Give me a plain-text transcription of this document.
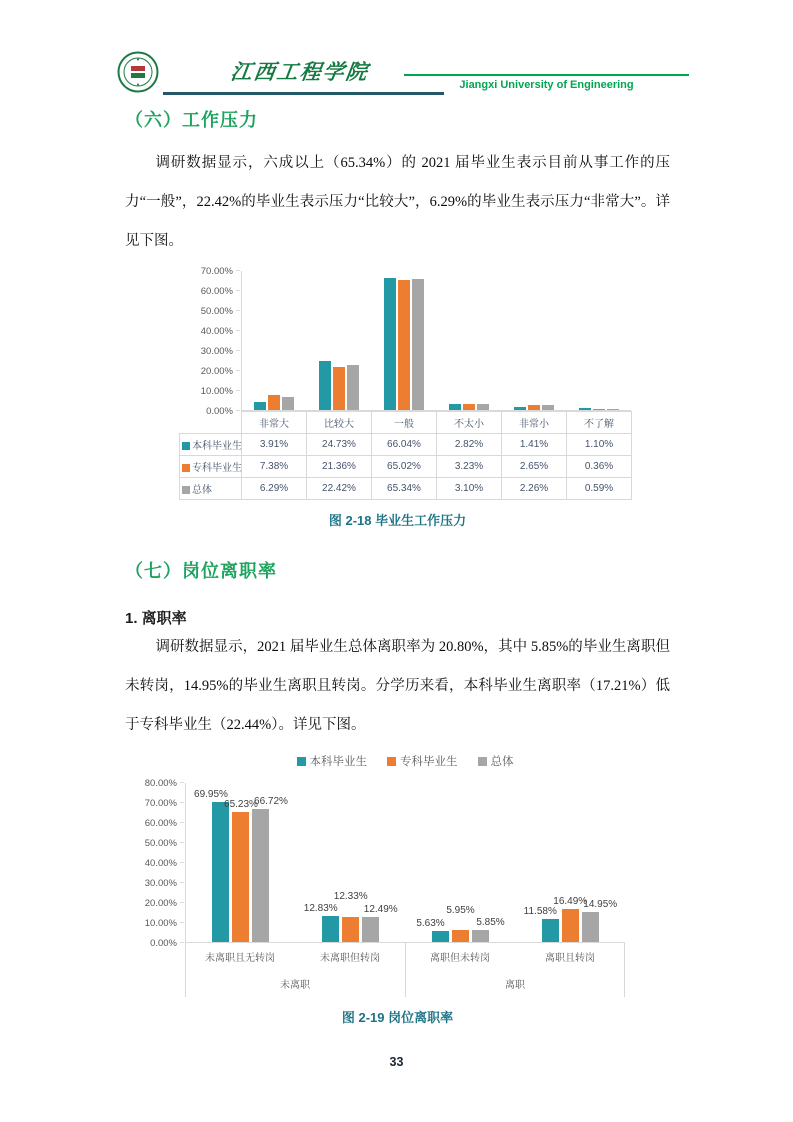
江西工程学院
Jiangxi University of Engineering
（六）工作压力

调研数据显示，六成以上（65.34%）的 2021 届毕业生表示目前从事工作的压力“一般”，22.42%的毕业生表示压力“比较大”，6.29%的毕业生表示压力“非常大”。详见下图。

70.00%
60.00%
50.00%
40.00%
30.00%
20.00%
10.00%
0.00%
	非常大	比较大	一般	不太小	非常小	不了解
本科毕业生	3.91%	24.73%	66.04%	2.82%	1.41%	1.10%
专科毕业生	7.38%	21.36%	65.02%	3.23%	2.65%	0.36%
总体	6.29%	22.42%	65.34%	3.10%	2.26%	0.59%
图 2-18 毕业生工作压力
（七）岗位离职率
1. 离职率

调研数据显示，2021 届毕业生总体离职率为 20.80%，其中 5.85%的毕业生离职但未转岗，14.95%的毕业生离职且转岗。分学历来看，本科毕业生离职率（17.21%）低于专科毕业生（22.44%）。详见下图。

本科毕业生	专科毕业生	总体
80.00%
70.00%
60.00%
50.00%
40.00%
30.00%
20.00%
10.00%
0.00%
69.95%
65.23%
66.72%
12.83%
12.33%
12.49%
5.63%
5.95%
5.85%
11.58%
16.49%
14.95%
未离职且无转岗	未离职但转岗	离职但未转岗	离职且转岗
未离职	离职
图 2-19 岗位离职率
33
